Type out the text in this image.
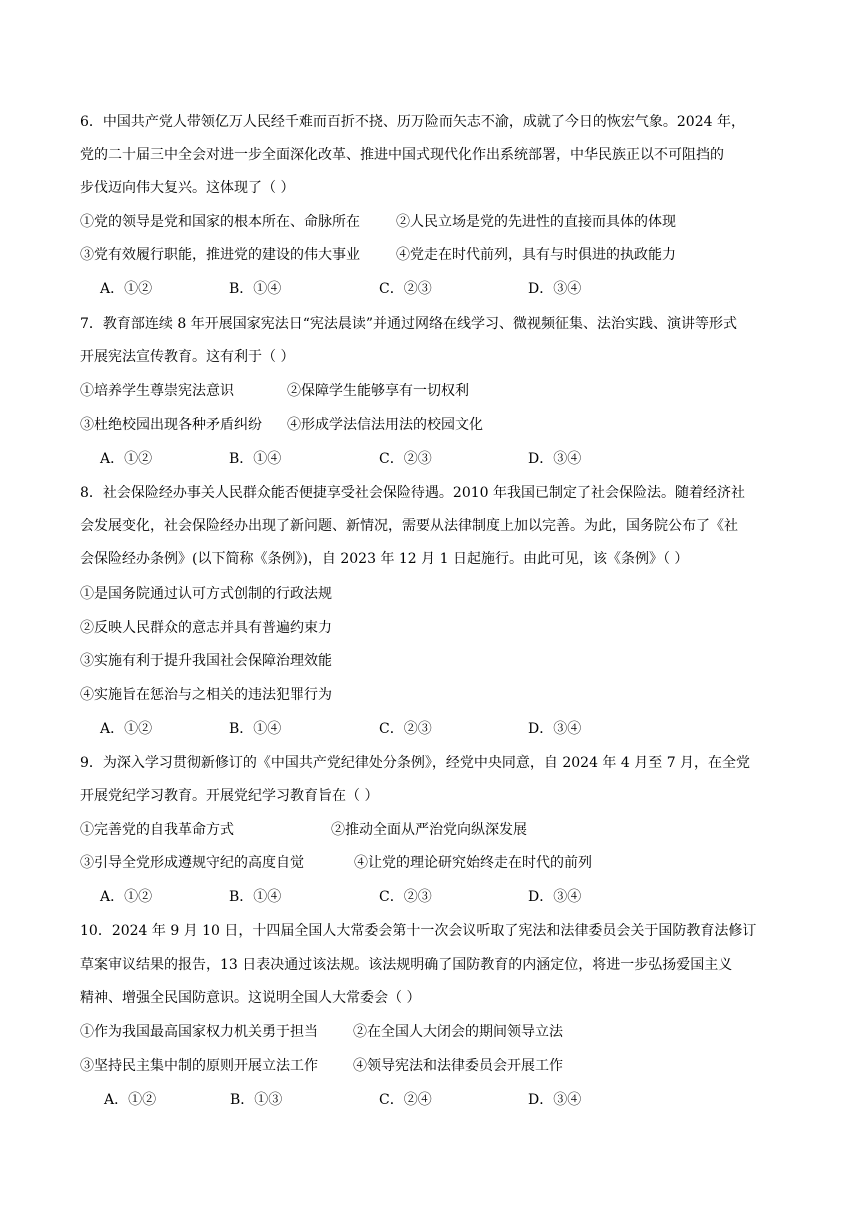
6．中国共产党人带领亿万人民经千难而百折不挠、历万险而矢志不渝，成就了今日的恢宏气象。2024 年，
党的二十届三中全会对进一步全面深化改革、推进中国式现代化作出系统部署，中华民族正以不可阻挡的
步伐迈向伟大复兴。这体现了（ ）
①党的领导是党和国家的根本所在、命脉所在	②人民立场是党的先进性的直接而具体的体现
③党有效履行职能，推进党的建设的伟大事业	④党走在时代前列，具有与时俱进的执政能力
A．①②	B．①④	C．②③	D．③④
7．教育部连续 8 年开展国家宪法日“宪法晨读”并通过网络在线学习、微视频征集、法治实践、演讲等形式
开展宪法宣传教育。这有利于（ ）
①培养学生尊崇宪法意识	②保障学生能够享有一切权利
③杜绝校园出现各种矛盾纠纷 ④形成学法信法用法的校园文化
A．①②	B．①④	C．②③	D．③④
8．社会保险经办事关人民群众能否便捷享受社会保险待遇。2010 年我国已制定了社会保险法。随着经济社
会发展变化，社会保险经办出现了新问题、新情况，需要从法律制度上加以完善。为此，国务院公布了《社
会保险经办条例》(以下简称《条例》)，自 2023 年 12 月 1 日起施行。由此可见，该《条例》（ ）
①是国务院通过认可方式创制的行政法规
②反映人民群众的意志并具有普遍约束力
③实施有利于提升我国社会保障治理效能
④实施旨在惩治与之相关的违法犯罪行为
A．①②	B．①④	C．②③	D．③④
9．为深入学习贯彻新修订的《中国共产党纪律处分条例》，经党中央同意，自 2024 年 4 月至 7 月，在全党
开展党纪学习教育。开展党纪学习教育旨在（ ）
①完善党的自我革命方式	②推动全面从严治党向纵深发展
③引导全党形成遵规守纪的高度自觉	④让党的理论研究始终走在时代的前列
A．①②	B．①④	C．②③	D．③④
10．2024 年 9 月 10 日，十四届全国人大常委会第十一次会议听取了宪法和法律委员会关于国防教育法修订
草案审议结果的报告，13 日表决通过该法规。该法规明确了国防教育的内涵定位，将进一步弘扬爱国主义
精神、增强全民国防意识。这说明全国人大常委会（ ）
①作为我国最高国家权力机关勇于担当	②在全国人大闭会的期间领导立法
③坚持民主集中制的原则开展立法工作	④领导宪法和法律委员会开展工作
A．①②	B．①③	C．②④	D．③④
